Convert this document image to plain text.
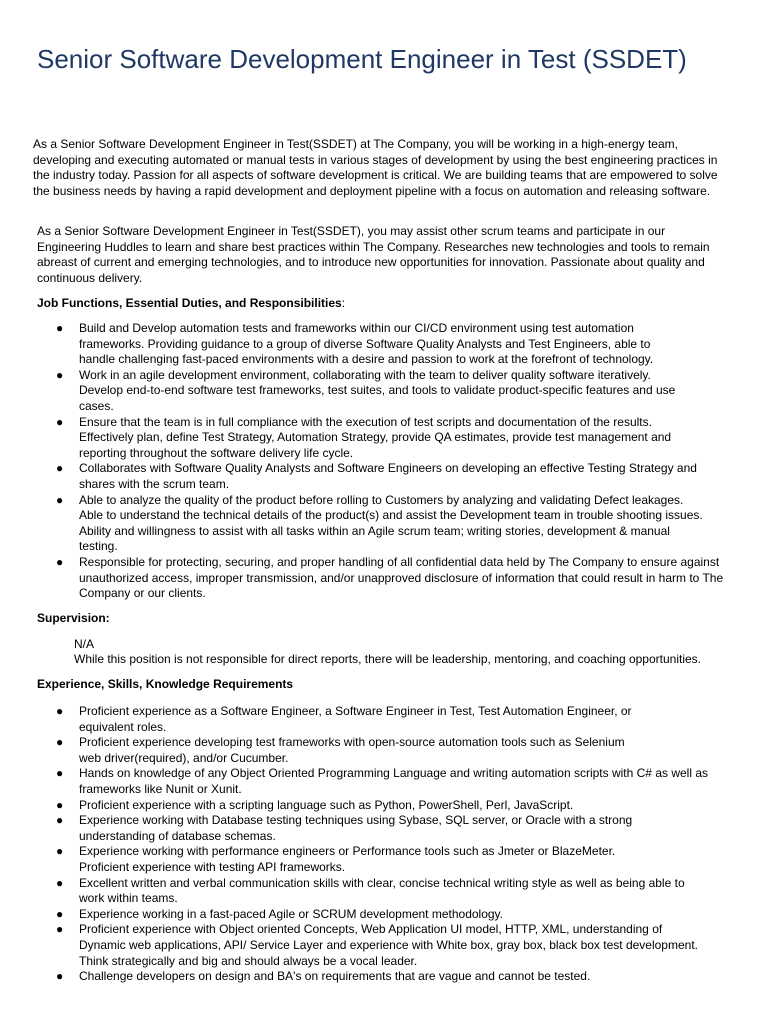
Senior Software Development Engineer in Test (SSDET)

As a Senior Software Development Engineer in Test(SSDET) at The Company, you will be working in a high-energy team, developing and executing automated or manual tests in various stages of development by using the best engineering practices in the industry today. Passion for all aspects of software development is critical. We are building teams that are empowered to solve the business needs by having a rapid development and deployment pipeline with a focus on automation and releasing software.

As a Senior Software Development Engineer in Test(SSDET), you may assist other scrum teams and participate in our Engineering Huddles to learn and share best practices within The Company. Researches new technologies and tools to remain abreast of current and emerging technologies, and to introduce new opportunities for innovation. Passionate about quality and continuous delivery.

Job Functions, Essential Duties, and Responsibilities:

● Build and Develop automation tests and frameworks within our CI/CD environment using test automation frameworks. Providing guidance to a group of diverse Software Quality Analysts and Test Engineers, able to handle challenging fast-paced environments with a desire and passion to work at the forefront of technology.
● Work in an agile development environment, collaborating with the team to deliver quality software iteratively. Develop end-to-end software test frameworks, test suites, and tools to validate product-specific features and use cases.
● Ensure that the team is in full compliance with the execution of test scripts and documentation of the results. Effectively plan, define Test Strategy, Automation Strategy, provide QA estimates, provide test management and reporting throughout the software delivery life cycle.
● Collaborates with Software Quality Analysts and Software Engineers on developing an effective Testing Strategy and shares with the scrum team.
● Able to analyze the quality of the product before rolling to Customers by analyzing and validating Defect leakages. Able to understand the technical details of the product(s) and assist the Development team in trouble shooting issues. Ability and willingness to assist with all tasks within an Agile scrum team; writing stories, development & manual testing.
● Responsible for protecting, securing, and proper handling of all confidential data held by The Company to ensure against unauthorized access, improper transmission, and/or unapproved disclosure of information that could result in harm to The Company or our clients.

Supervision:

N/A

While this position is not responsible for direct reports, there will be leadership, mentoring, and coaching opportunities.

Experience, Skills, Knowledge Requirements

● Proficient experience as a Software Engineer, a Software Engineer in Test, Test Automation Engineer, or equivalent roles.
● Proficient experience developing test frameworks with open-source automation tools such as Selenium web driver(required), and/or Cucumber.
● Hands on knowledge of any Object Oriented Programming Language and writing automation scripts with C# as well as frameworks like Nunit or Xunit.
● Proficient experience with a scripting language such as Python, PowerShell, Perl, JavaScript.
● Experience working with Database testing techniques using Sybase, SQL server, or Oracle with a strong understanding of database schemas.
● Experience working with performance engineers or Performance tools such as Jmeter or BlazeMeter. Proficient experience with testing API frameworks.
● Excellent written and verbal communication skills with clear, concise technical writing style as well as being able to work within teams.
● Experience working in a fast-paced Agile or SCRUM development methodology.
● Proficient experience with Object oriented Concepts, Web Application UI model, HTTP, XML, understanding of Dynamic web applications, API/ Service Layer and experience with White box, gray box, black box test development. Think strategically and big and should always be a vocal leader.
● Challenge developers on design and BA's on requirements that are vague and cannot be tested.
